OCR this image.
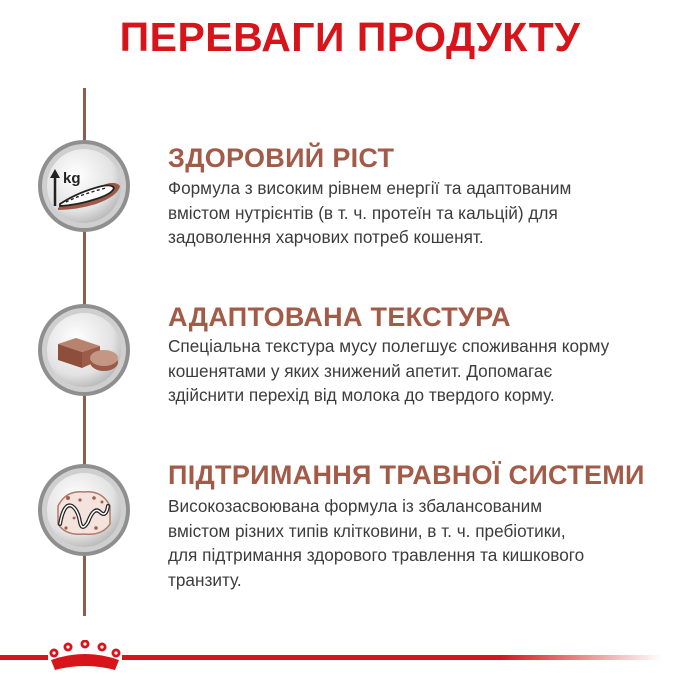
ПЕРЕВАГИ ПРОДУКТУ
kg
ЗДОРОВИЙ РІСТ
Формула з високим рівнем енергії та адаптованим
вмістом нутрієнтів (в т. ч. протеїн та кальцій) для
задоволення харчових потреб кошенят.
АДАПТОВАНА ТЕКСТУРА
Спеціальна текстура мусу полегшує споживання корму
кошенятами у яких знижений апетит. Допомагає
здійснити перехід від молока до твердого корму.
ПІДТРИМАННЯ ТРАВНОЇ СИСТЕМИ
Високозасвоювана формула із збалансованим
вмістом різних типів клітковини, в т. ч. пребіотики,
для підтримання здорового травлення та кишкового
транзиту.
